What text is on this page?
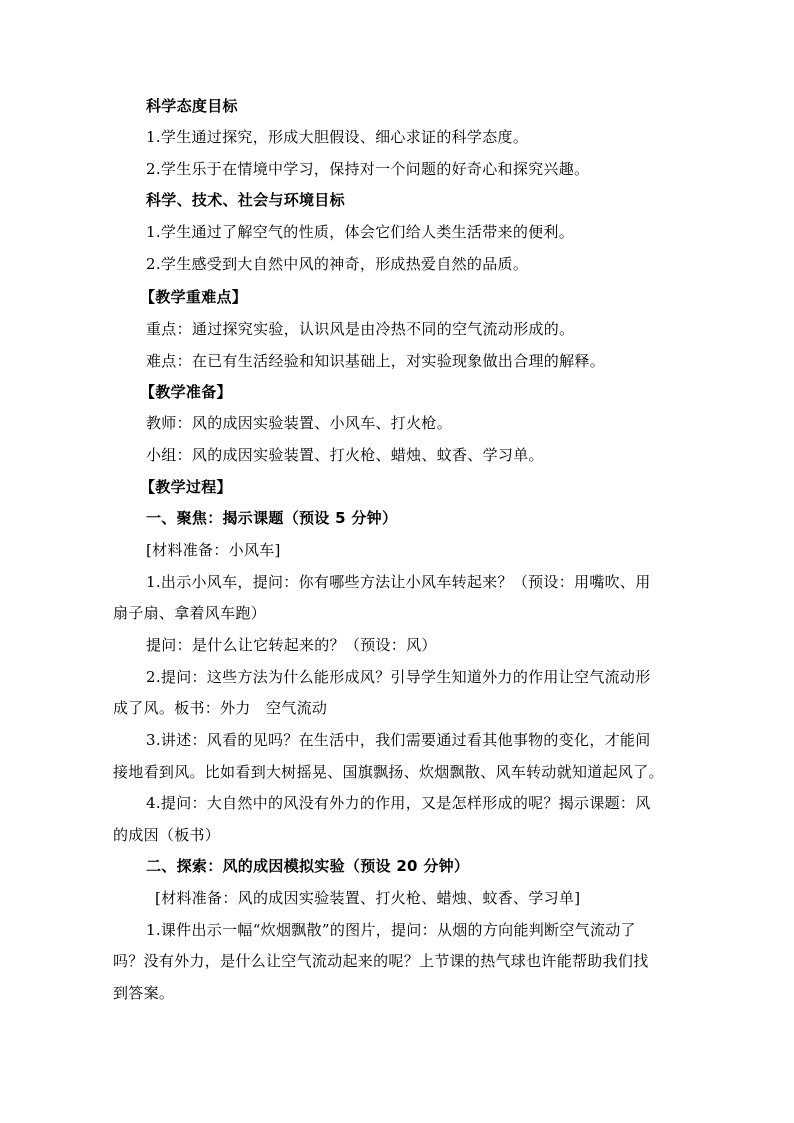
科学态度目标
1.学生通过探究，形成大胆假设、细心求证的科学态度。
2.学生乐于在情境中学习，保持对一个问题的好奇心和探究兴趣。
科学、技术、社会与环境目标
1.学生通过了解空气的性质，体会它们给人类生活带来的便利。
2.学生感受到大自然中风的神奇，形成热爱自然的品质。
【教学重难点】
重点：通过探究实验，认识风是由冷热不同的空气流动形成的。
难点：在已有生活经验和知识基础上，对实验现象做出合理的解释。
【教学准备】
教师：风的成因实验装置、小风车、打火枪。
小组：风的成因实验装置、打火枪、蜡烛、蚊香、学习单。
【教学过程】
一、聚焦：揭示课题（预设 5 分钟）
[材料准备：小风车]
1.出示小风车，提问：你有哪些方法让小风车转起来？（预设：用嘴吹、用
扇子扇、拿着风车跑）
提问：是什么让它转起来的？（预设：风）
2.提问：这些方法为什么能形成风？引导学生知道外力的作用让空气流动形
成了风。板书：外力　空气流动
3.讲述：风看的见吗？在生活中，我们需要通过看其他事物的变化，才能间
接地看到风。比如看到大树摇晃、国旗飘扬、炊烟飘散、风车转动就知道起风了。
4.提问：大自然中的风没有外力的作用，又是怎样形成的呢？揭示课题：风
的成因（板书）
二、探索：风的成因模拟实验（预设 20 分钟）
[材料准备：风的成因实验装置、打火枪、蜡烛、蚊香、学习单]
1.课件出示一幅“炊烟飘散”的图片，提问：从烟的方向能判断空气流动了
吗？没有外力，是什么让空气流动起来的呢？上节课的热气球也许能帮助我们找
到答案。
